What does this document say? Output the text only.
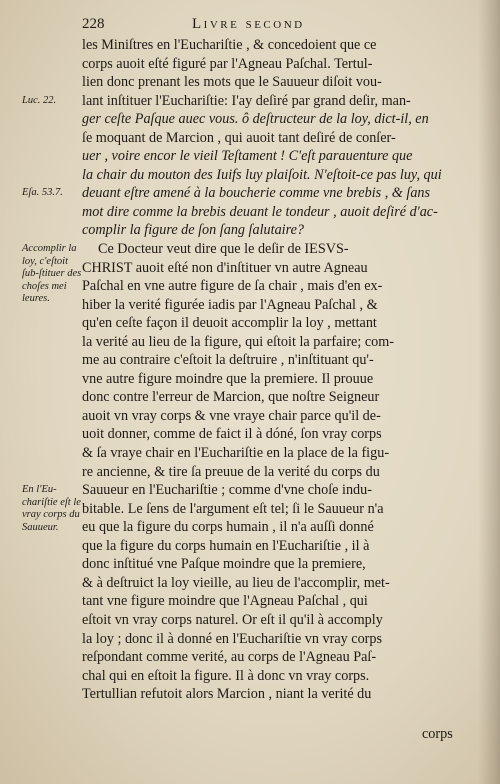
228	Livre second
les Miniſtres en l'Euchariſtie , & concedoient que ce
corps auoit eſté figuré par l'Agneau Paſchal. Tertul-
lien donc prenant les mots que le Sauueur diſoit vou-
lant inſtituer l'Euchariſtie: I'ay deſiré par grand deſir, man-
ger ceſte Paſque auec vous. ô deſtructeur de la loy, dict-il, en
ſe moquant de Marcion , qui auoit tant deſiré de conſer-
uer , voire encor le vieil Teſtament ! C'eſt parauenture que
la chair du mouton des Iuifs luy plaiſoit. N'eſtoit-ce pas luy, qui
deuant eſtre amené à la boucherie comme vne brebis , & ſans
mot dire comme la brebis deuant le tondeur , auoit deſiré d'ac-
complir la figure de ſon ſang ſalutaire?
Ce Docteur veut dire que le deſir de IESVS-
CHRIST auoit eſté non d'inſtituer vn autre Agneau
Paſchal en vne autre figure de ſa chair , mais d'en ex-
hiber la verité figurée iadis par l'Agneau Paſchal , &
qu'en ceſte façon il deuoit accomplir la loy , mettant
la verité au lieu de la figure, qui eſtoit la parfaire; com-
me au contraire c'eſtoit la deſtruire , n'inſtituant qu'-
vne autre figure moindre que la premiere. Il prouue
donc contre l'erreur de Marcion, que noſtre Seigneur
auoit vn vray corps & vne vraye chair parce qu'il de-
uoit donner, comme de faict il à dóné, ſon vray corps
& ſa vraye chair en l'Euchariſtie en la place de la figu-
re ancienne, & tire ſa preuue de la verité du corps du
Sauueur en l'Euchariſtie ; comme d'vne choſe indu-
bitable. Le ſens de l'argument eſt tel; ſi le Sauueur n'a
eu que la figure du corps humain , il n'a auſſi donné
que la figure du corps humain en l'Euchariſtie , il à
donc inſtitué vne Paſque moindre que la premiere,
& à deſtruict la loy vieille, au lieu de l'accomplir, met-
tant vne figure moindre que l'Agneau Paſchal , qui
eſtoit vn vray corps naturel. Or eſt il qu'il à accomply
la loy ; donc il à donné en l'Euchariſtie vn vray corps
reſpondant comme verité, au corps de l'Agneau Paſ-
chal qui en eſtoit la figure. Il à donc vn vray corps.
Tertullian refutoit alors Marcion , niant la verité du
Luc. 22.
Eſa. 53.7.
Accomplir la loy, c'eſtoit ſub-ſtituer des choſes mei leures.
En l'Eu-chariſtie eſt le vray corps du Sauueur.
corps
